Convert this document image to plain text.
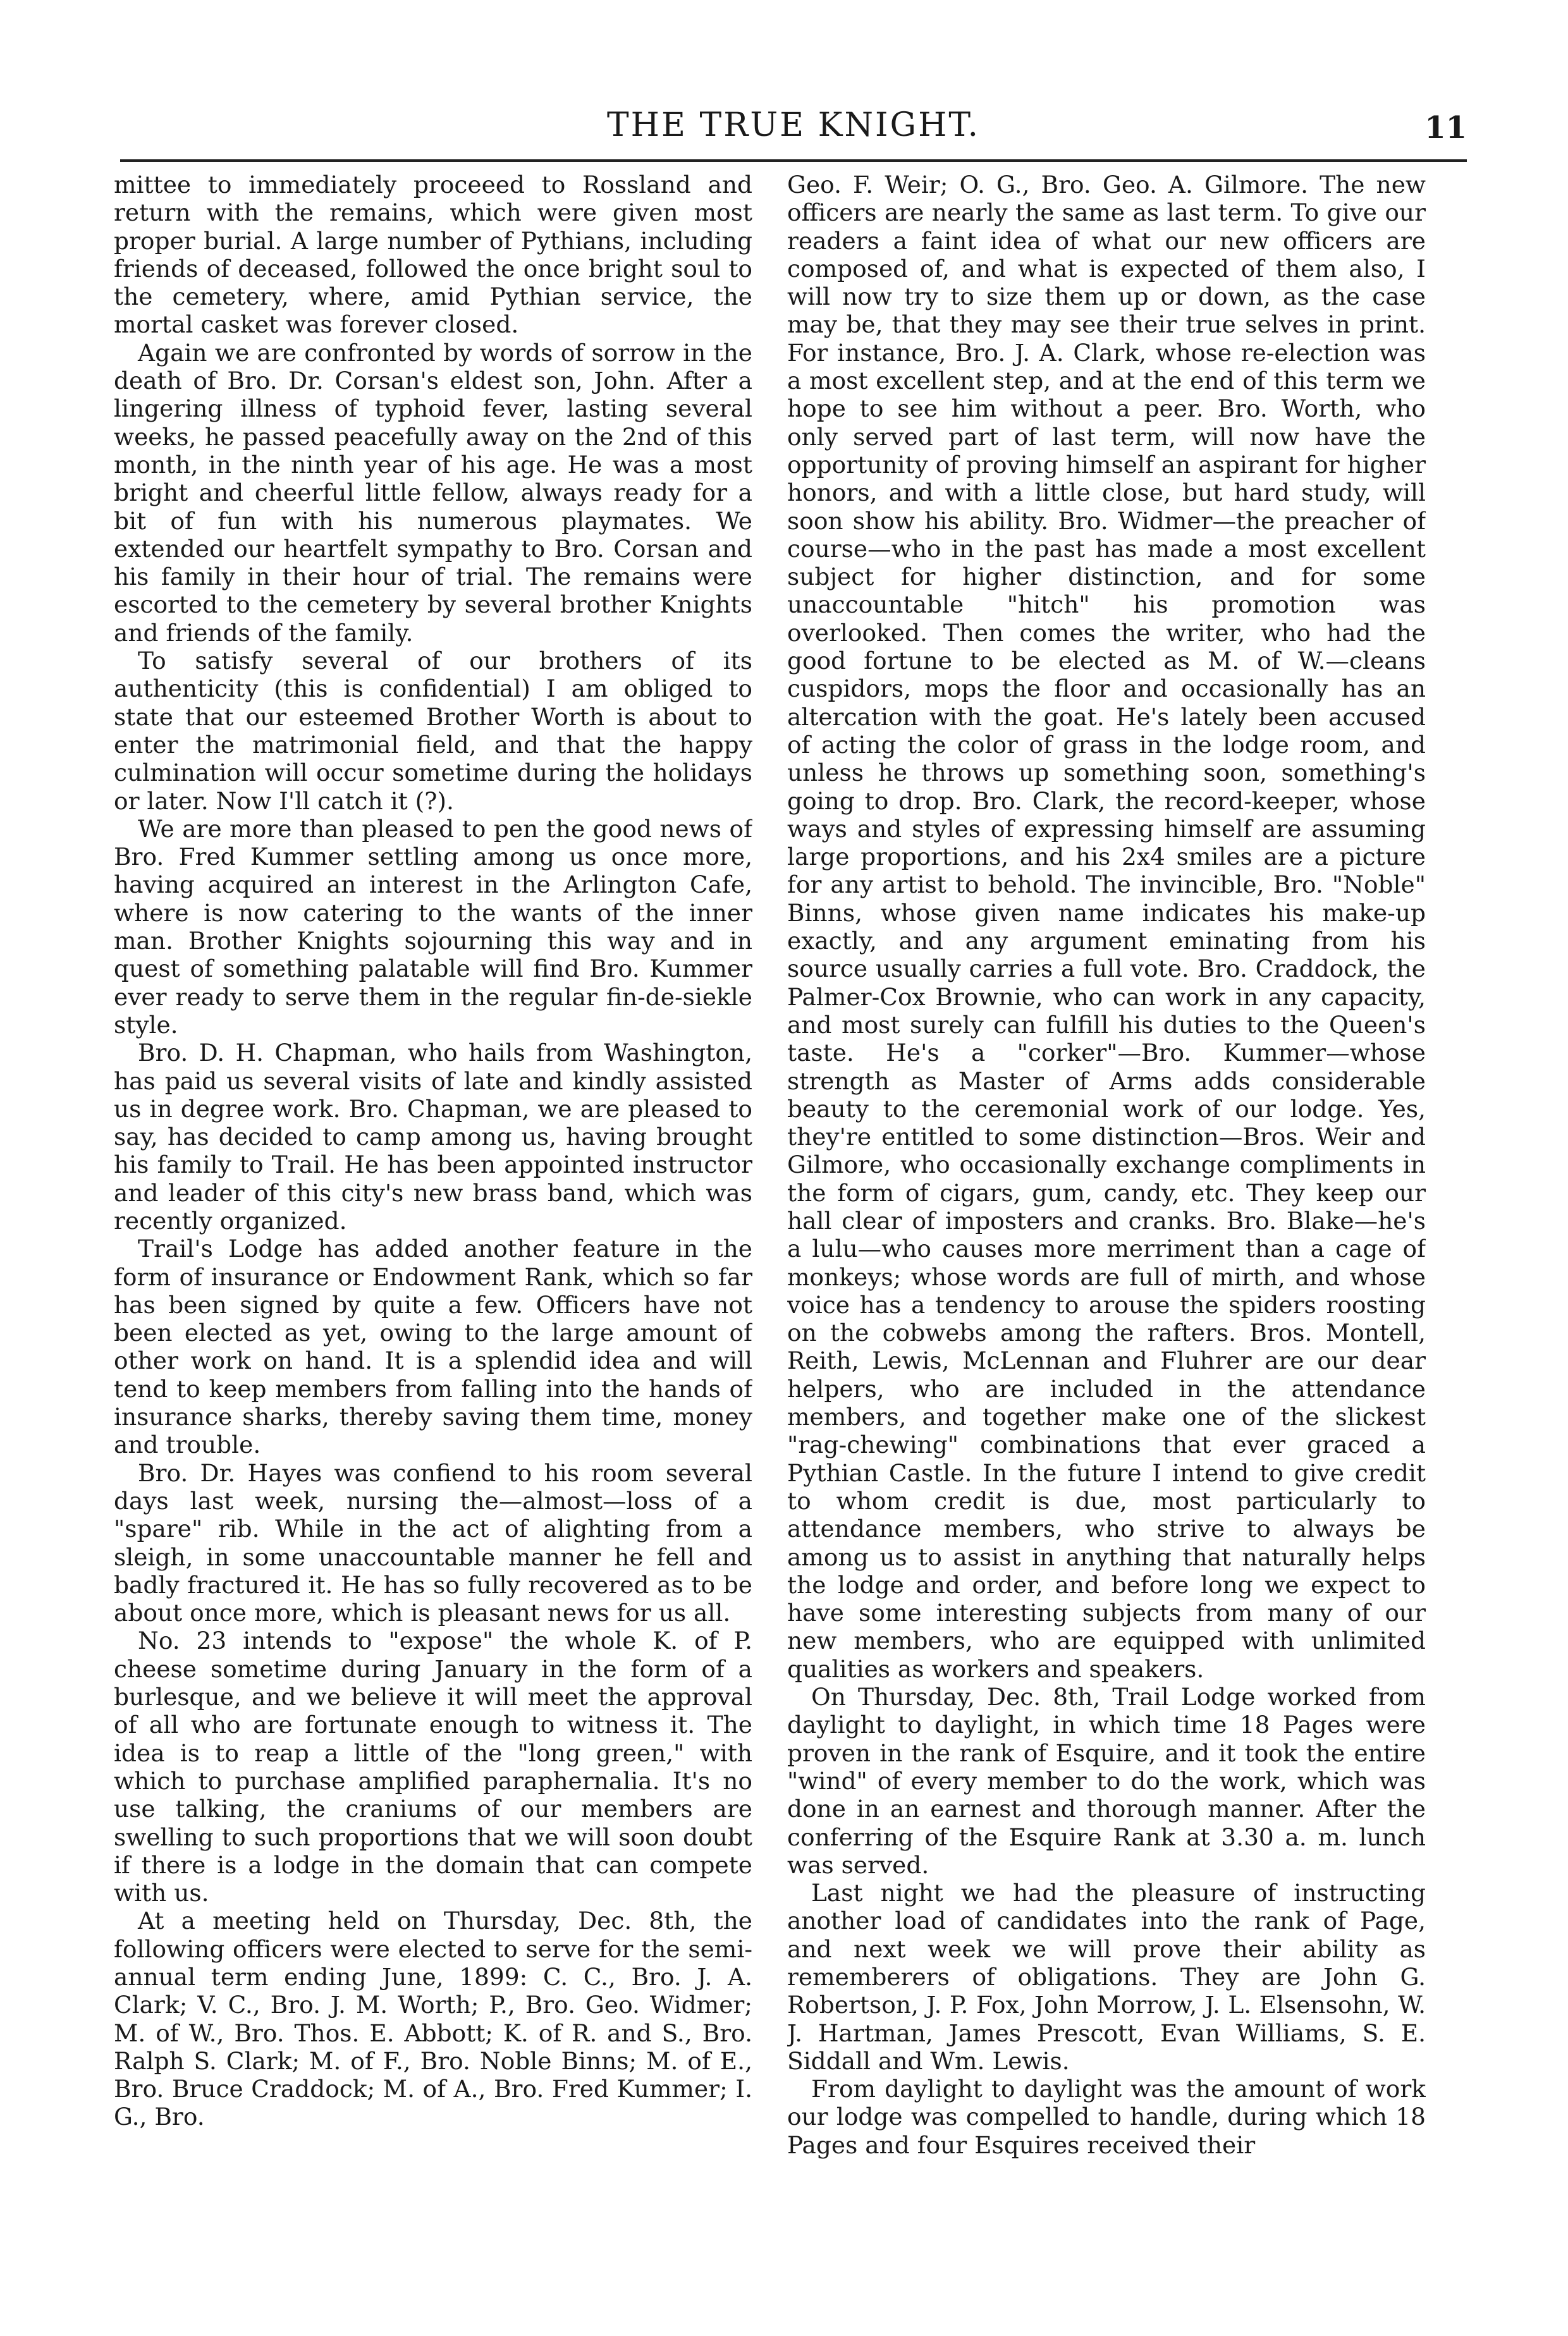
THE TRUE KNIGHT.	11

mittee to immediately proceeed to Rossland and return with the remains, which were given most proper burial. A large number of Pythians, including friends of deceased, followed the once bright soul to the cemetery, where, amid Pythian service, the mortal casket was forever closed.

Again we are confronted by words of sorrow in the death of Bro. Dr. Corsan's eldest son, John. After a lingering illness of typhoid fever, lasting several weeks, he passed peacefully away on the 2nd of this month, in the ninth year of his age. He was a most bright and cheerful little fellow, always ready for a bit of fun with his numerous playmates. We extended our heartfelt sympathy to Bro. Corsan and his family in their hour of trial. The remains were escorted to the cemetery by several brother Knights and friends of the family.

To satisfy several of our brothers of its authenticity (this is confidential) I am obliged to state that our esteemed Brother Worth is about to enter the matrimonial field, and that the happy culmination will occur sometime during the holidays or later. Now I'll catch it (?).

We are more than pleased to pen the good news of Bro. Fred Kummer settling among us once more, having acquired an interest in the Arlington Cafe, where is now catering to the wants of the inner man. Brother Knights sojourning this way and in quest of something palatable will find Bro. Kummer ever ready to serve them in the regular fin-de-siekle style.

Bro. D. H. Chapman, who hails from Washington, has paid us several visits of late and kindly assisted us in degree work. Bro. Chapman, we are pleased to say, has decided to camp among us, having brought his family to Trail. He has been appointed instructor and leader of this city's new brass band, which was recently organized.

Trail's Lodge has added another feature in the form of insurance or Endowment Rank, which so far has been signed by quite a few. Officers have not been elected as yet, owing to the large amount of other work on hand. It is a splendid idea and will tend to keep members from falling into the hands of insurance sharks, thereby saving them time, money and trouble.

Bro. Dr. Hayes was confiend to his room several days last week, nursing the—almost—loss of a "spare" rib. While in the act of alighting from a sleigh, in some unaccountable manner he fell and badly fractured it. He has so fully recovered as to be about once more, which is pleasant news for us all.

No. 23 intends to "expose" the whole K. of P. cheese sometime during January in the form of a burlesque, and we believe it will meet the approval of all who are fortunate enough to witness it. The idea is to reap a little of the "long green," with which to purchase amplified paraphernalia. It's no use talking, the craniums of our members are swelling to such proportions that we will soon doubt if there is a lodge in the domain that can compete with us.

At a meeting held on Thursday, Dec. 8th, the following officers were elected to serve for the semi-annual term ending June, 1899: C. C., Bro. J. A. Clark; V. C., Bro. J. M. Worth; P., Bro. Geo. Widmer; M. of W., Bro. Thos. E. Abbott; K. of R. and S., Bro. Ralph S. Clark; M. of F., Bro. Noble Binns; M. of E., Bro. Bruce Craddock; M. of A., Bro. Fred Kummer; I. G., Bro.

Geo. F. Weir; O. G., Bro. Geo. A. Gilmore. The new officers are nearly the same as last term. To give our readers a faint idea of what our new officers are composed of, and what is expected of them also, I will now try to size them up or down, as the case may be, that they may see their true selves in print. For instance, Bro. J. A. Clark, whose re-election was a most excellent step, and at the end of this term we hope to see him without a peer. Bro. Worth, who only served part of last term, will now have the opportunity of proving himself an aspirant for higher honors, and with a little close, but hard study, will soon show his ability. Bro. Widmer—the preacher of course—who in the past has made a most excellent subject for higher distinction, and for some unaccountable "hitch" his promotion was overlooked. Then comes the writer, who had the good fortune to be elected as M. of W.—cleans cuspidors, mops the floor and occasionally has an altercation with the goat. He's lately been accused of acting the color of grass in the lodge room, and unless he throws up something soon, something's going to drop. Bro. Clark, the record-keeper, whose ways and styles of expressing himself are assuming large proportions, and his 2x4 smiles are a picture for any artist to behold. The invincible, Bro. "Noble" Binns, whose given name indicates his make-up exactly, and any argument eminating from his source usually carries a full vote. Bro. Craddock, the Palmer-Cox Brownie, who can work in any capacity, and most surely can fulfill his duties to the Queen's taste. He's a "corker"—Bro. Kummer—whose strength as Master of Arms adds considerable beauty to the ceremonial work of our lodge. Yes, they're entitled to some distinction—Bros. Weir and Gilmore, who occasionally exchange compliments in the form of cigars, gum, candy, etc. They keep our hall clear of imposters and cranks. Bro. Blake—he's a lulu—who causes more merriment than a cage of monkeys; whose words are full of mirth, and whose voice has a tendency to arouse the spiders roosting on the cobwebs among the rafters. Bros. Montell, Reith, Lewis, McLennan and Fluhrer are our dear helpers, who are included in the attendance members, and together make one of the slickest "rag-chewing" combinations that ever graced a Pythian Castle. In the future I intend to give credit to whom credit is due, most particularly to attendance members, who strive to always be among us to assist in anything that naturally helps the lodge and order, and before long we expect to have some interesting subjects from many of our new members, who are equipped with unlimited qualities as workers and speakers.

On Thursday, Dec. 8th, Trail Lodge worked from daylight to daylight, in which time 18 Pages were proven in the rank of Esquire, and it took the entire "wind" of every member to do the work, which was done in an earnest and thorough manner. After the conferring of the Esquire Rank at 3.30 a. m. lunch was served.

Last night we had the pleasure of instructing another load of candidates into the rank of Page, and next week we will prove their ability as rememberers of obligations. They are John G. Robertson, J. P. Fox, John Morrow, J. L. Elsensohn, W. J. Hartman, James Prescott, Evan Williams, S. E. Siddall and Wm. Lewis.

From daylight to daylight was the amount of work our lodge was compelled to handle, during which 18 Pages and four Esquires received their
